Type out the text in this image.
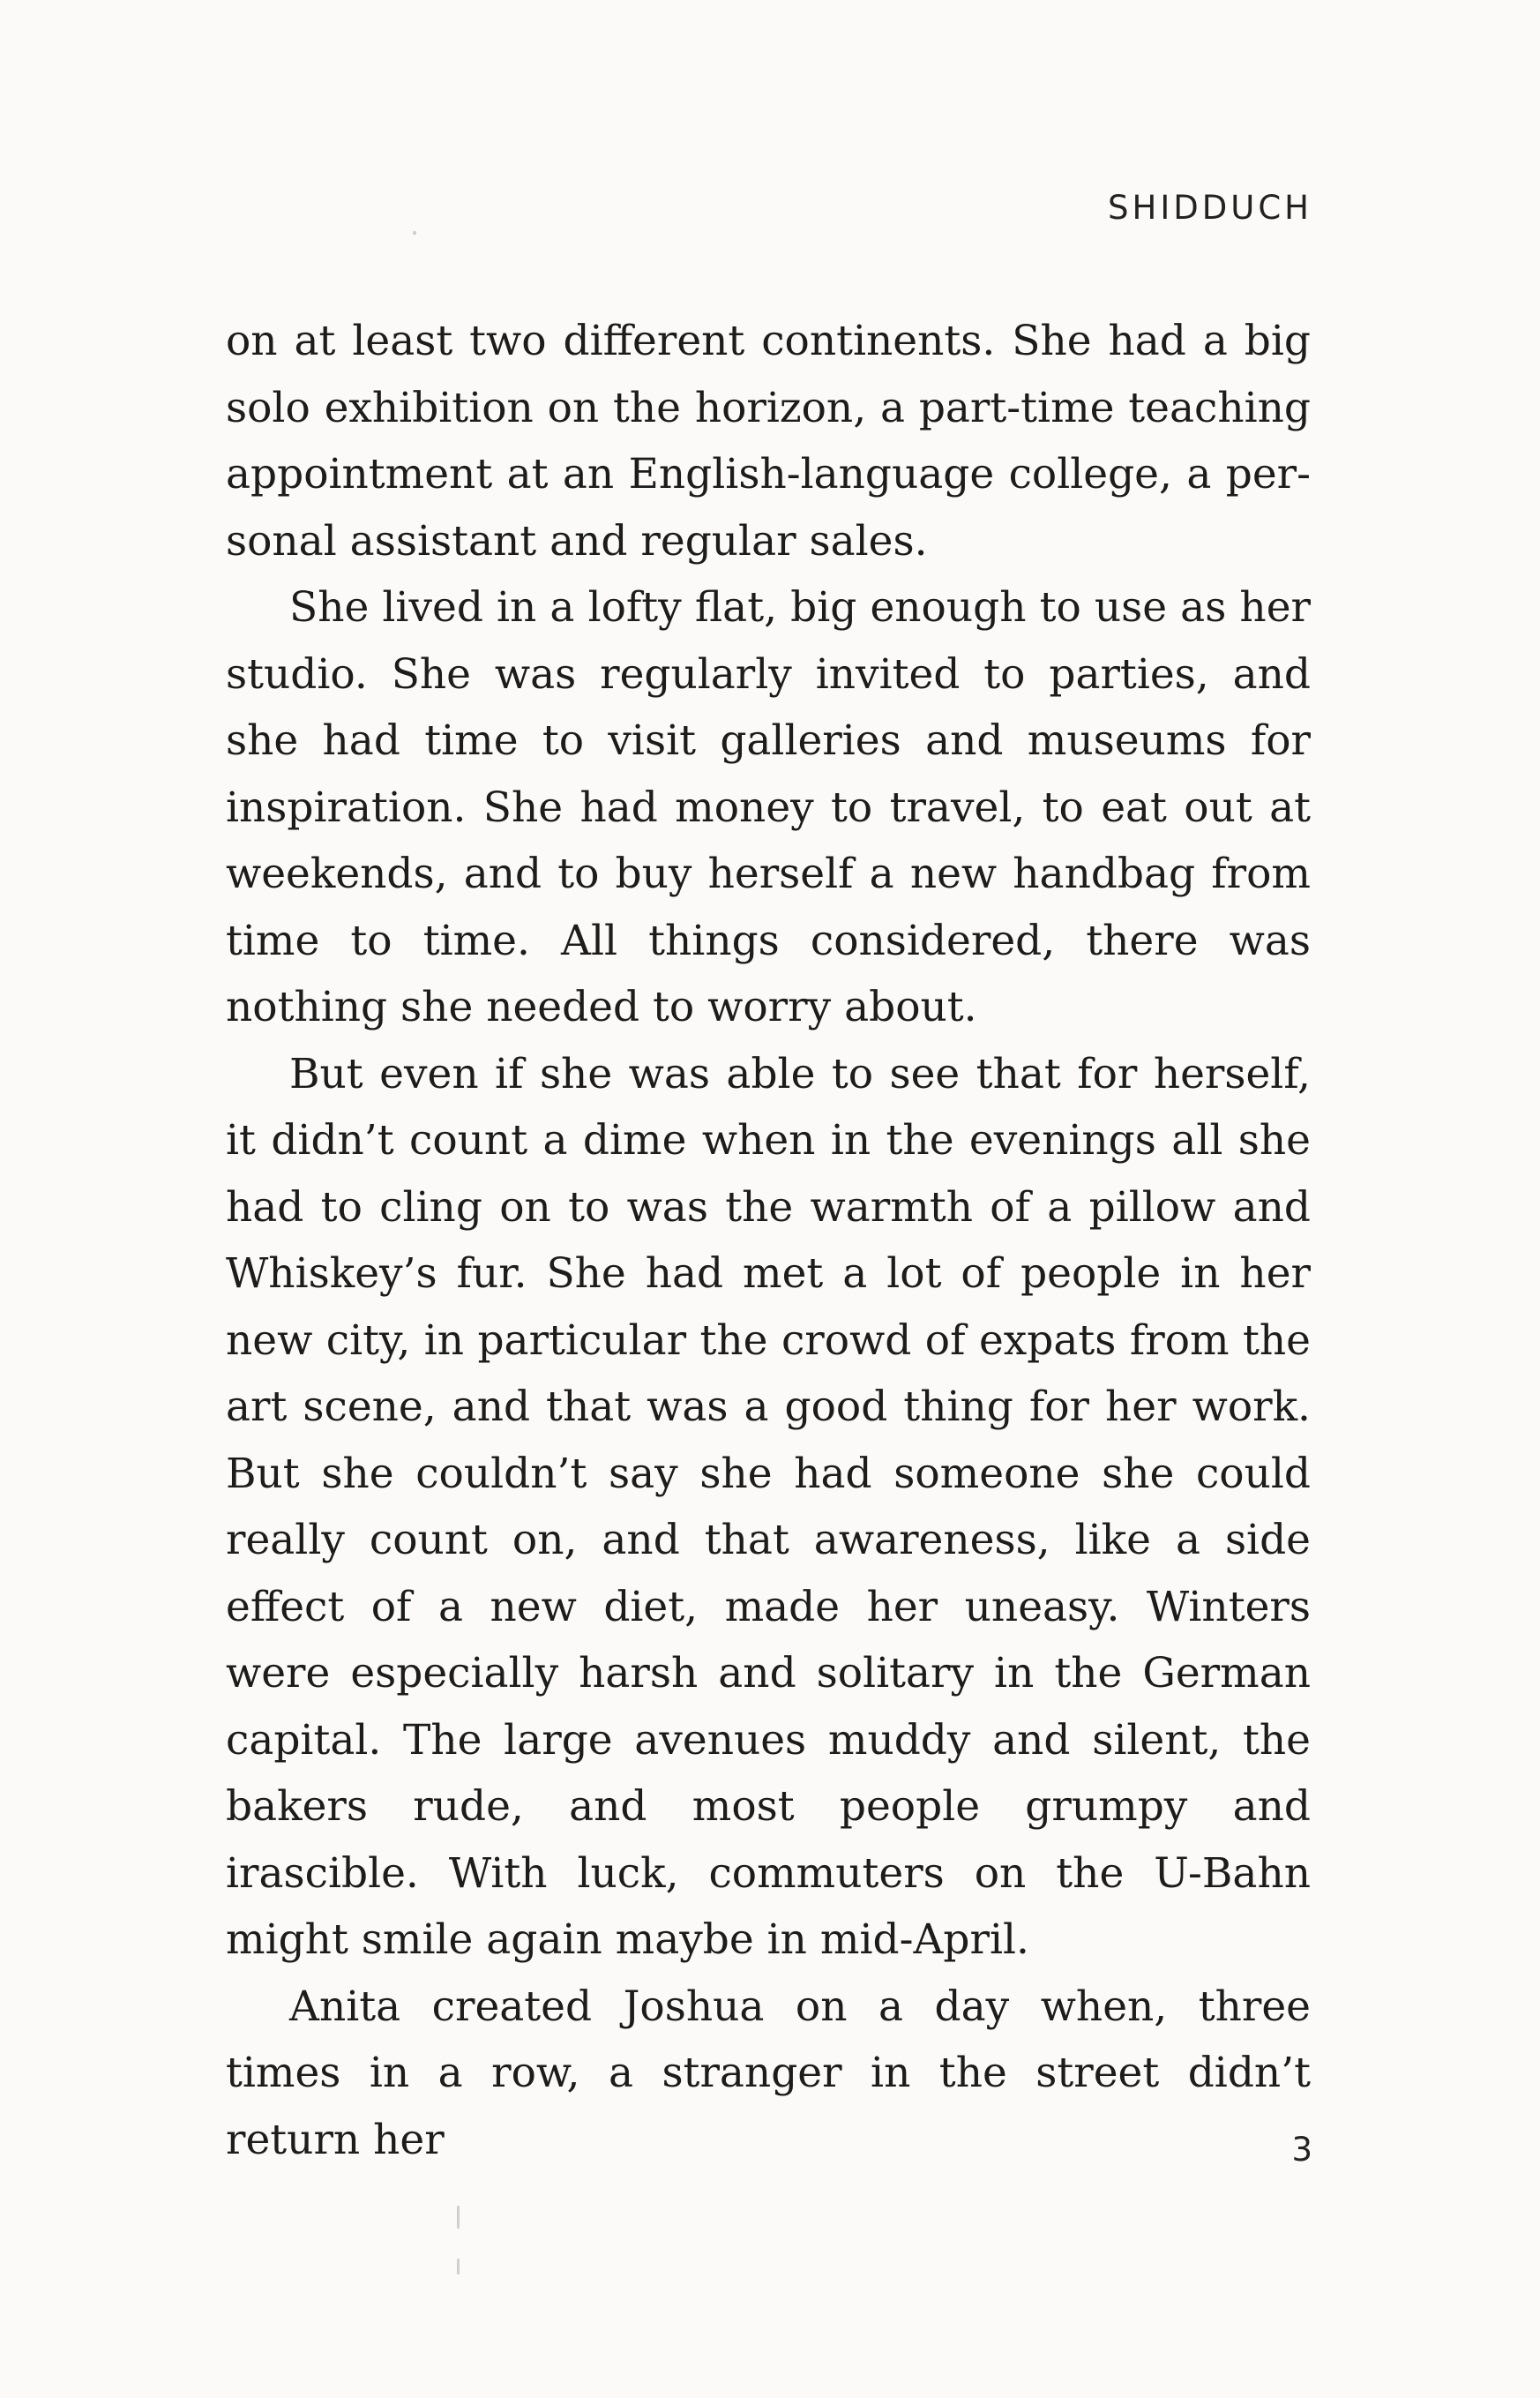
SHIDDUCH

on at least two different continents. She had a big solo exhibition on the horizon, a part-time teaching appointment at an English-language college, a personal assistant and regular sales.

She lived in a lofty flat, big enough to use as her studio. She was regularly invited to parties, and she had time to visit galleries and museums for inspiration. She had money to travel, to eat out at weekends, and to buy herself a new handbag from time to time. All things considered, there was nothing she needed to worry about.

But even if she was able to see that for herself, it didn’t count a dime when in the evenings all she had to cling on to was the warmth of a pillow and Whiskey’s fur. She had met a lot of people in her new city, in particular the crowd of expats from the art scene, and that was a good thing for her work. But she couldn’t say she had someone she could really count on, and that awareness, like a side effect of a new diet, made her uneasy. Winters were especially harsh and solitary in the German capital. The large avenues muddy and silent, the bakers rude, and most people grumpy and irascible. With luck, commuters on the U-Bahn might smile again maybe in mid-April.

Anita created Joshua on a day when, three times in a row, a stranger in the street didn’t return her	3
